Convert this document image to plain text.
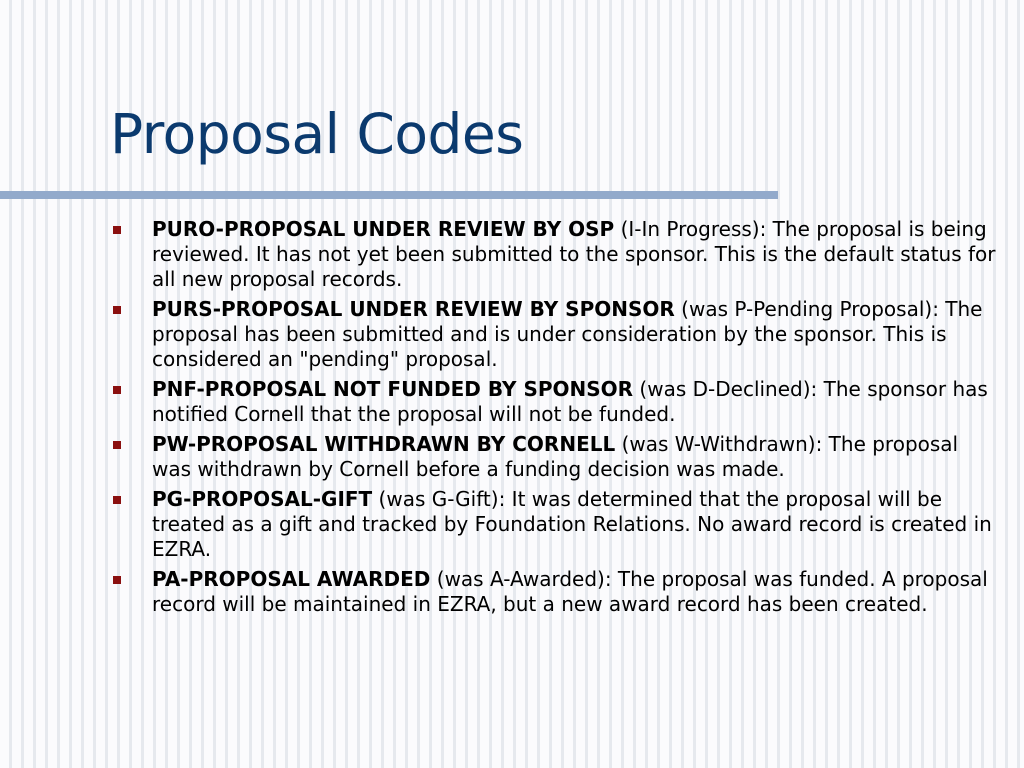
Proposal Codes
PURO-PROPOSAL UNDER REVIEW BY OSP (I-In Progress): The proposal is being reviewed. It has not yet been submitted to the sponsor. This is the default status for all new proposal records.
PURS-PROPOSAL UNDER REVIEW BY SPONSOR (was P-Pending Proposal): The proposal has been submitted and is under consideration by the sponsor. This is considered an "pending" proposal.
PNF-PROPOSAL NOT FUNDED BY SPONSOR (was D-Declined): The sponsor has notified Cornell that the proposal will not be funded.
PW-PROPOSAL WITHDRAWN BY CORNELL (was W-Withdrawn): The proposal was withdrawn by Cornell before a funding decision was made.
PG-PROPOSAL-GIFT (was G-Gift): It was determined that the proposal will be treated as a gift and tracked by Foundation Relations. No award record is created in EZRA.
PA-PROPOSAL AWARDED (was A-Awarded): The proposal was funded. A proposal record will be maintained in EZRA, but a new award record has been created.
